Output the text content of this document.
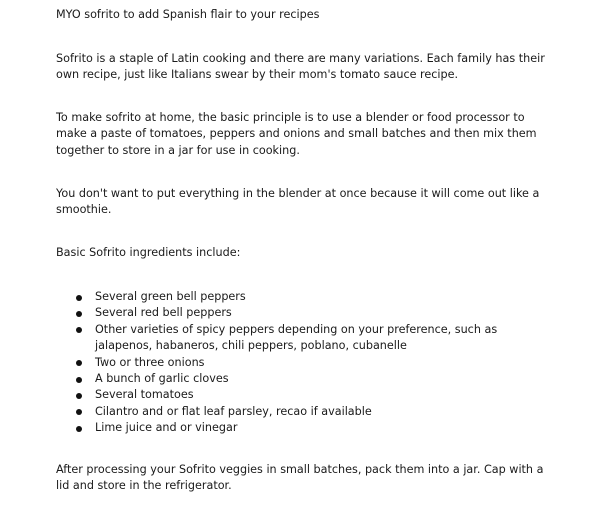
MYO sofrito to add Spanish flair to your recipes

Sofrito is a staple of Latin cooking and there are many variations. Each family has their own recipe, just like Italians swear by their mom's tomato sauce recipe.

To make sofrito at home, the basic principle is to use a blender or food processor to make a paste of tomatoes, peppers and onions and small batches and then mix them together to store in a jar for use in cooking.

You don't want to put everything in the blender at once because it will come out like a smoothie.

Basic Sofrito ingredients include:

Several green bell peppers
Several red bell peppers
Other varieties of spicy peppers depending on your preference, such as jalapenos, habaneros, chili peppers, poblano, cubanelle
Two or three onions
A bunch of garlic cloves
Several tomatoes
Cilantro and or flat leaf parsley, recao if available
Lime juice and or vinegar

After processing your Sofrito veggies in small batches, pack them into a jar. Cap with a lid and store in the refrigerator.
